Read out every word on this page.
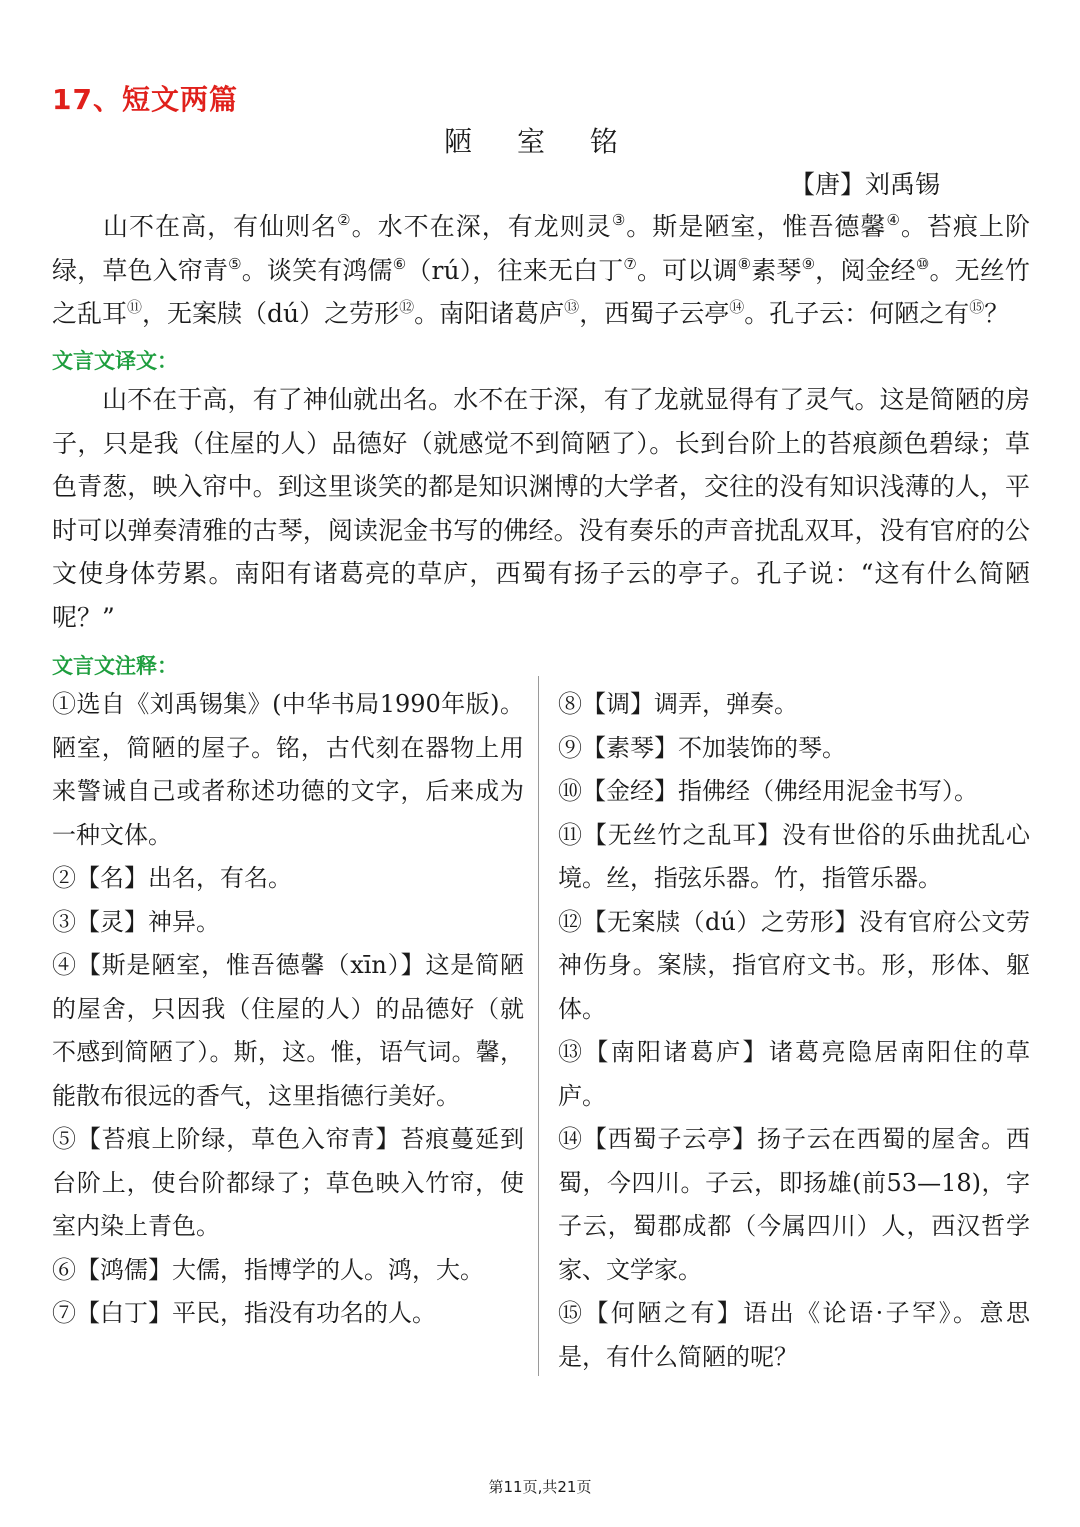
17、短文两篇
陋 室 铭
【唐】刘禹锡
山不在高，有仙则名②。水不在深，有龙则灵③。斯是陋室，惟吾德馨④。苔痕上阶绿，草色入帘青⑤。谈笑有鸿儒⑥（rú），往来无白丁⑦。可以调⑧素琴⑨，阅金经⑩。无丝竹之乱耳⑪，无案牍（dú）之劳形⑫。南阳诸葛庐⑬，西蜀子云亭⑭。孔子云：何陋之有⑮？
文言文译文：
山不在于高，有了神仙就出名。水不在于深，有了龙就显得有了灵气。这是简陋的房子，只是我（住屋的人）品德好（就感觉不到简陋了）。长到台阶上的苔痕颜色碧绿；草色青葱，映入帘中。到这里谈笑的都是知识渊博的大学者，交往的没有知识浅薄的人，平时可以弹奏清雅的古琴，阅读泥金书写的佛经。没有奏乐的声音扰乱双耳，没有官府的公文使身体劳累。南阳有诸葛亮的草庐，西蜀有扬子云的亭子。孔子说：“这有什么简陋呢？”
文言文注释：

①选自《刘禹锡集》(中华书局1990年版)。陋室，简陋的屋子。铭，古代刻在器物上用来警诫自己或者称述功德的文字，后来成为一种文体。

②【名】出名，有名。

③【灵】神异。

④【斯是陋室，惟吾德馨（xīn）】这是简陋的屋舍，只因我（住屋的人）的品德好（就不感到简陋了）。斯，这。惟，语气词。馨，能散布很远的香气，这里指德行美好。

⑤【苔痕上阶绿，草色入帘青】苔痕蔓延到台阶上，使台阶都绿了；草色映入竹帘，使室内染上青色。

⑥【鸿儒】大儒，指博学的人。鸿，大。

⑦【白丁】平民，指没有功名的人。

⑧【调】调弄，弹奏。

⑨【素琴】不加装饰的琴。

⑩【金经】指佛经（佛经用泥金书写）。

⑪【无丝竹之乱耳】没有世俗的乐曲扰乱心境。丝，指弦乐器。竹，指管乐器。

⑫【无案牍（dú）之劳形】没有官府公文劳神伤身。案牍，指官府文书。形，形体、躯体。

⑬【南阳诸葛庐】诸葛亮隐居南阳住的草庐。

⑭【西蜀子云亭】扬子云在西蜀的屋舍。西蜀，今四川。子云，即扬雄(前53—18)，字子云，蜀郡成都（今属四川）人，西汉哲学家、文学家。

⑮【何陋之有】语出《论语·子罕》。意思是，有什么简陋的呢？

第11页,共21页
